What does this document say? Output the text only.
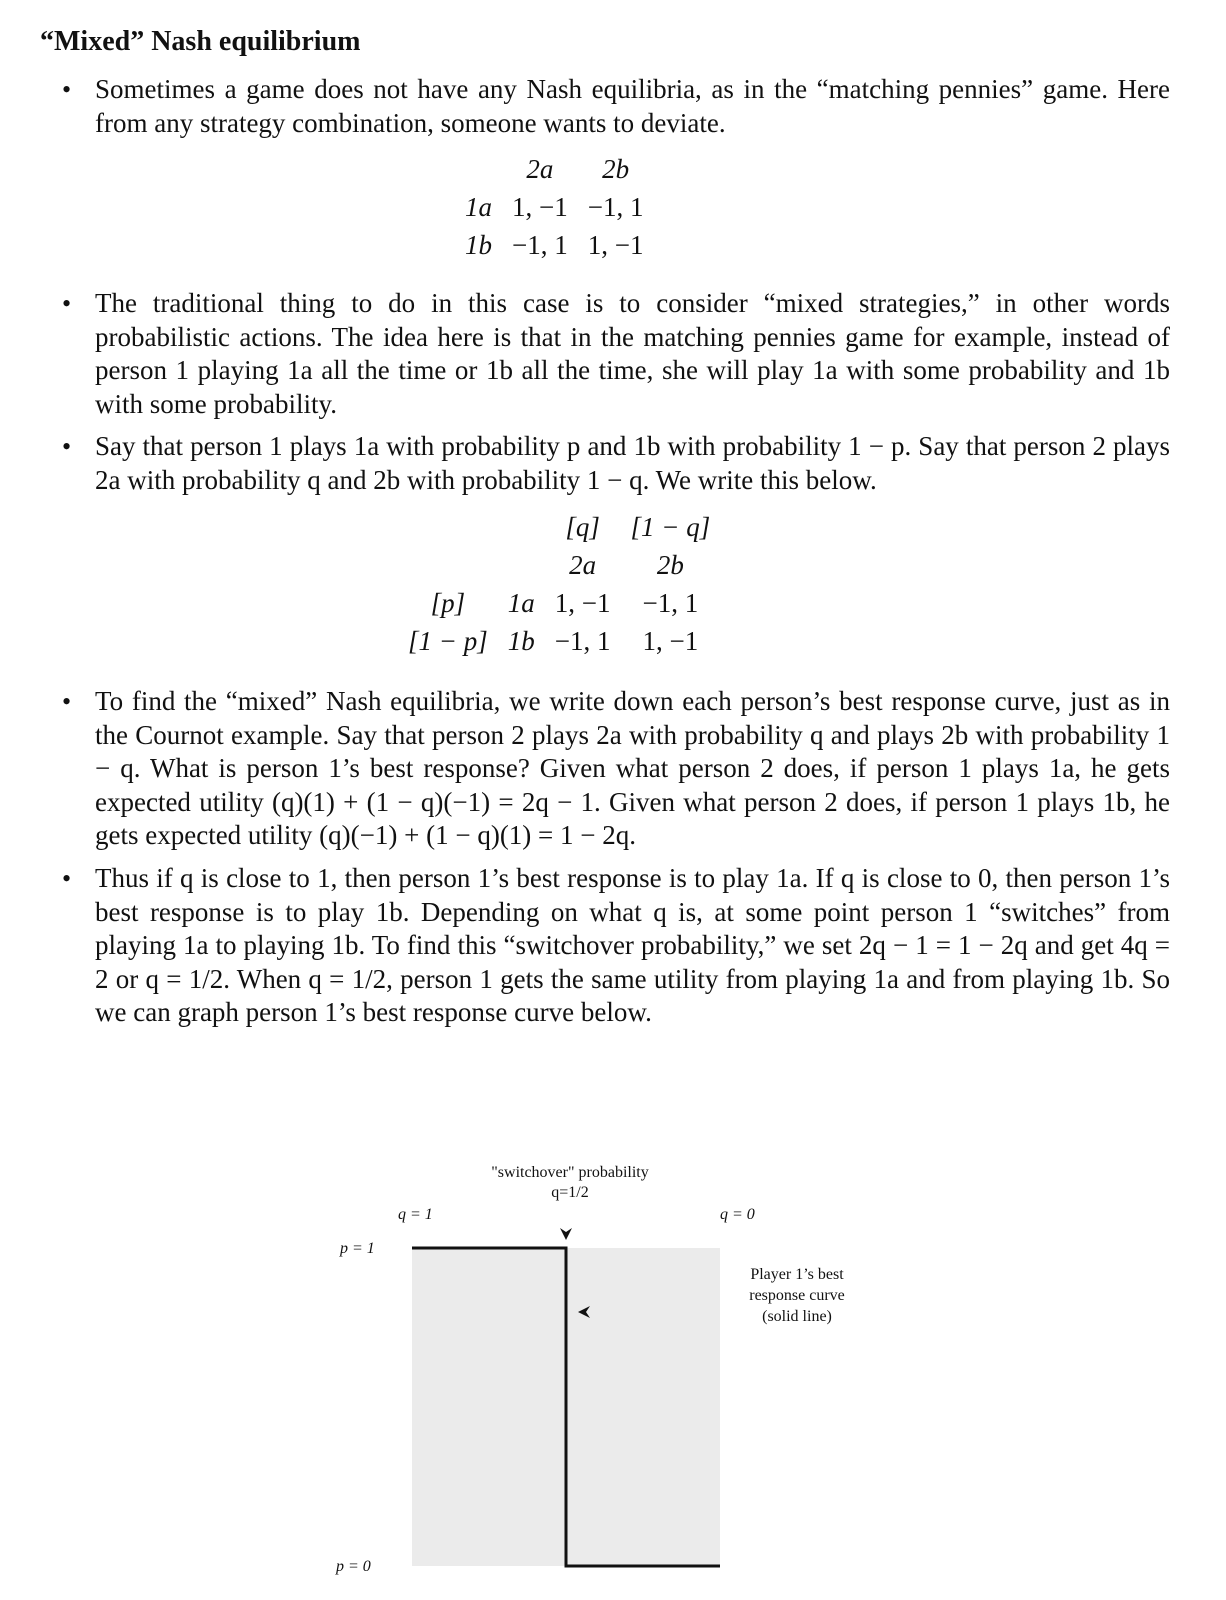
“Mixed” Nash equilibrium
• Sometimes a game does not have any Nash equilibria, as in the “matching pennies” game. Here from any strategy combination, someone wants to deviate.
	2a	2b
1a	1, −1	−1, 1
1b	−1, 1	1, −1
• The traditional thing to do in this case is to consider “mixed strategies,” in other words probabilistic actions. The idea here is that in the matching pennies game for example, instead of person 1 playing 1a all the time or 1b all the time, she will play 1a with some probability and 1b with some probability.
• Say that person 1 plays 1a with probability p and 1b with probability 1 − p. Say that person 2 plays 2a with probability q and 2b with probability 1 − q. We write this below.
		[q]	[1 − q]
		2a	2b
[p]	1a	1, −1	−1, 1
[1 − p]	1b	−1, 1	1, −1
• To find the “mixed” Nash equilibria, we write down each person’s best response curve, just as in the Cournot example. Say that person 2 plays 2a with probability q and plays 2b with probability 1 − q. What is person 1’s best response? Given what person 2 does, if person 1 plays 1a, he gets expected utility (q)(1) + (1 − q)(−1) = 2q − 1. Given what person 2 does, if person 1 plays 1b, he gets expected utility (q)(−1) + (1 − q)(1) = 1 − 2q.
• Thus if q is close to 1, then person 1’s best response is to play 1a. If q is close to 0, then person 1’s best response is to play 1b. Depending on what q is, at some point person 1 “switches” from playing 1a to playing 1b. To find this “switchover probability,” we set 2q − 1 = 1 − 2q and get 4q = 2 or q = 1/2. When q = 1/2, person 1 gets the same utility from playing 1a and from playing 1b. So we can graph person 1’s best response curve below.
"switchover" probability
q=1/2
q = 1	q = 0
p = 1
p = 0
Player 1’s best
response curve
(solid line)
